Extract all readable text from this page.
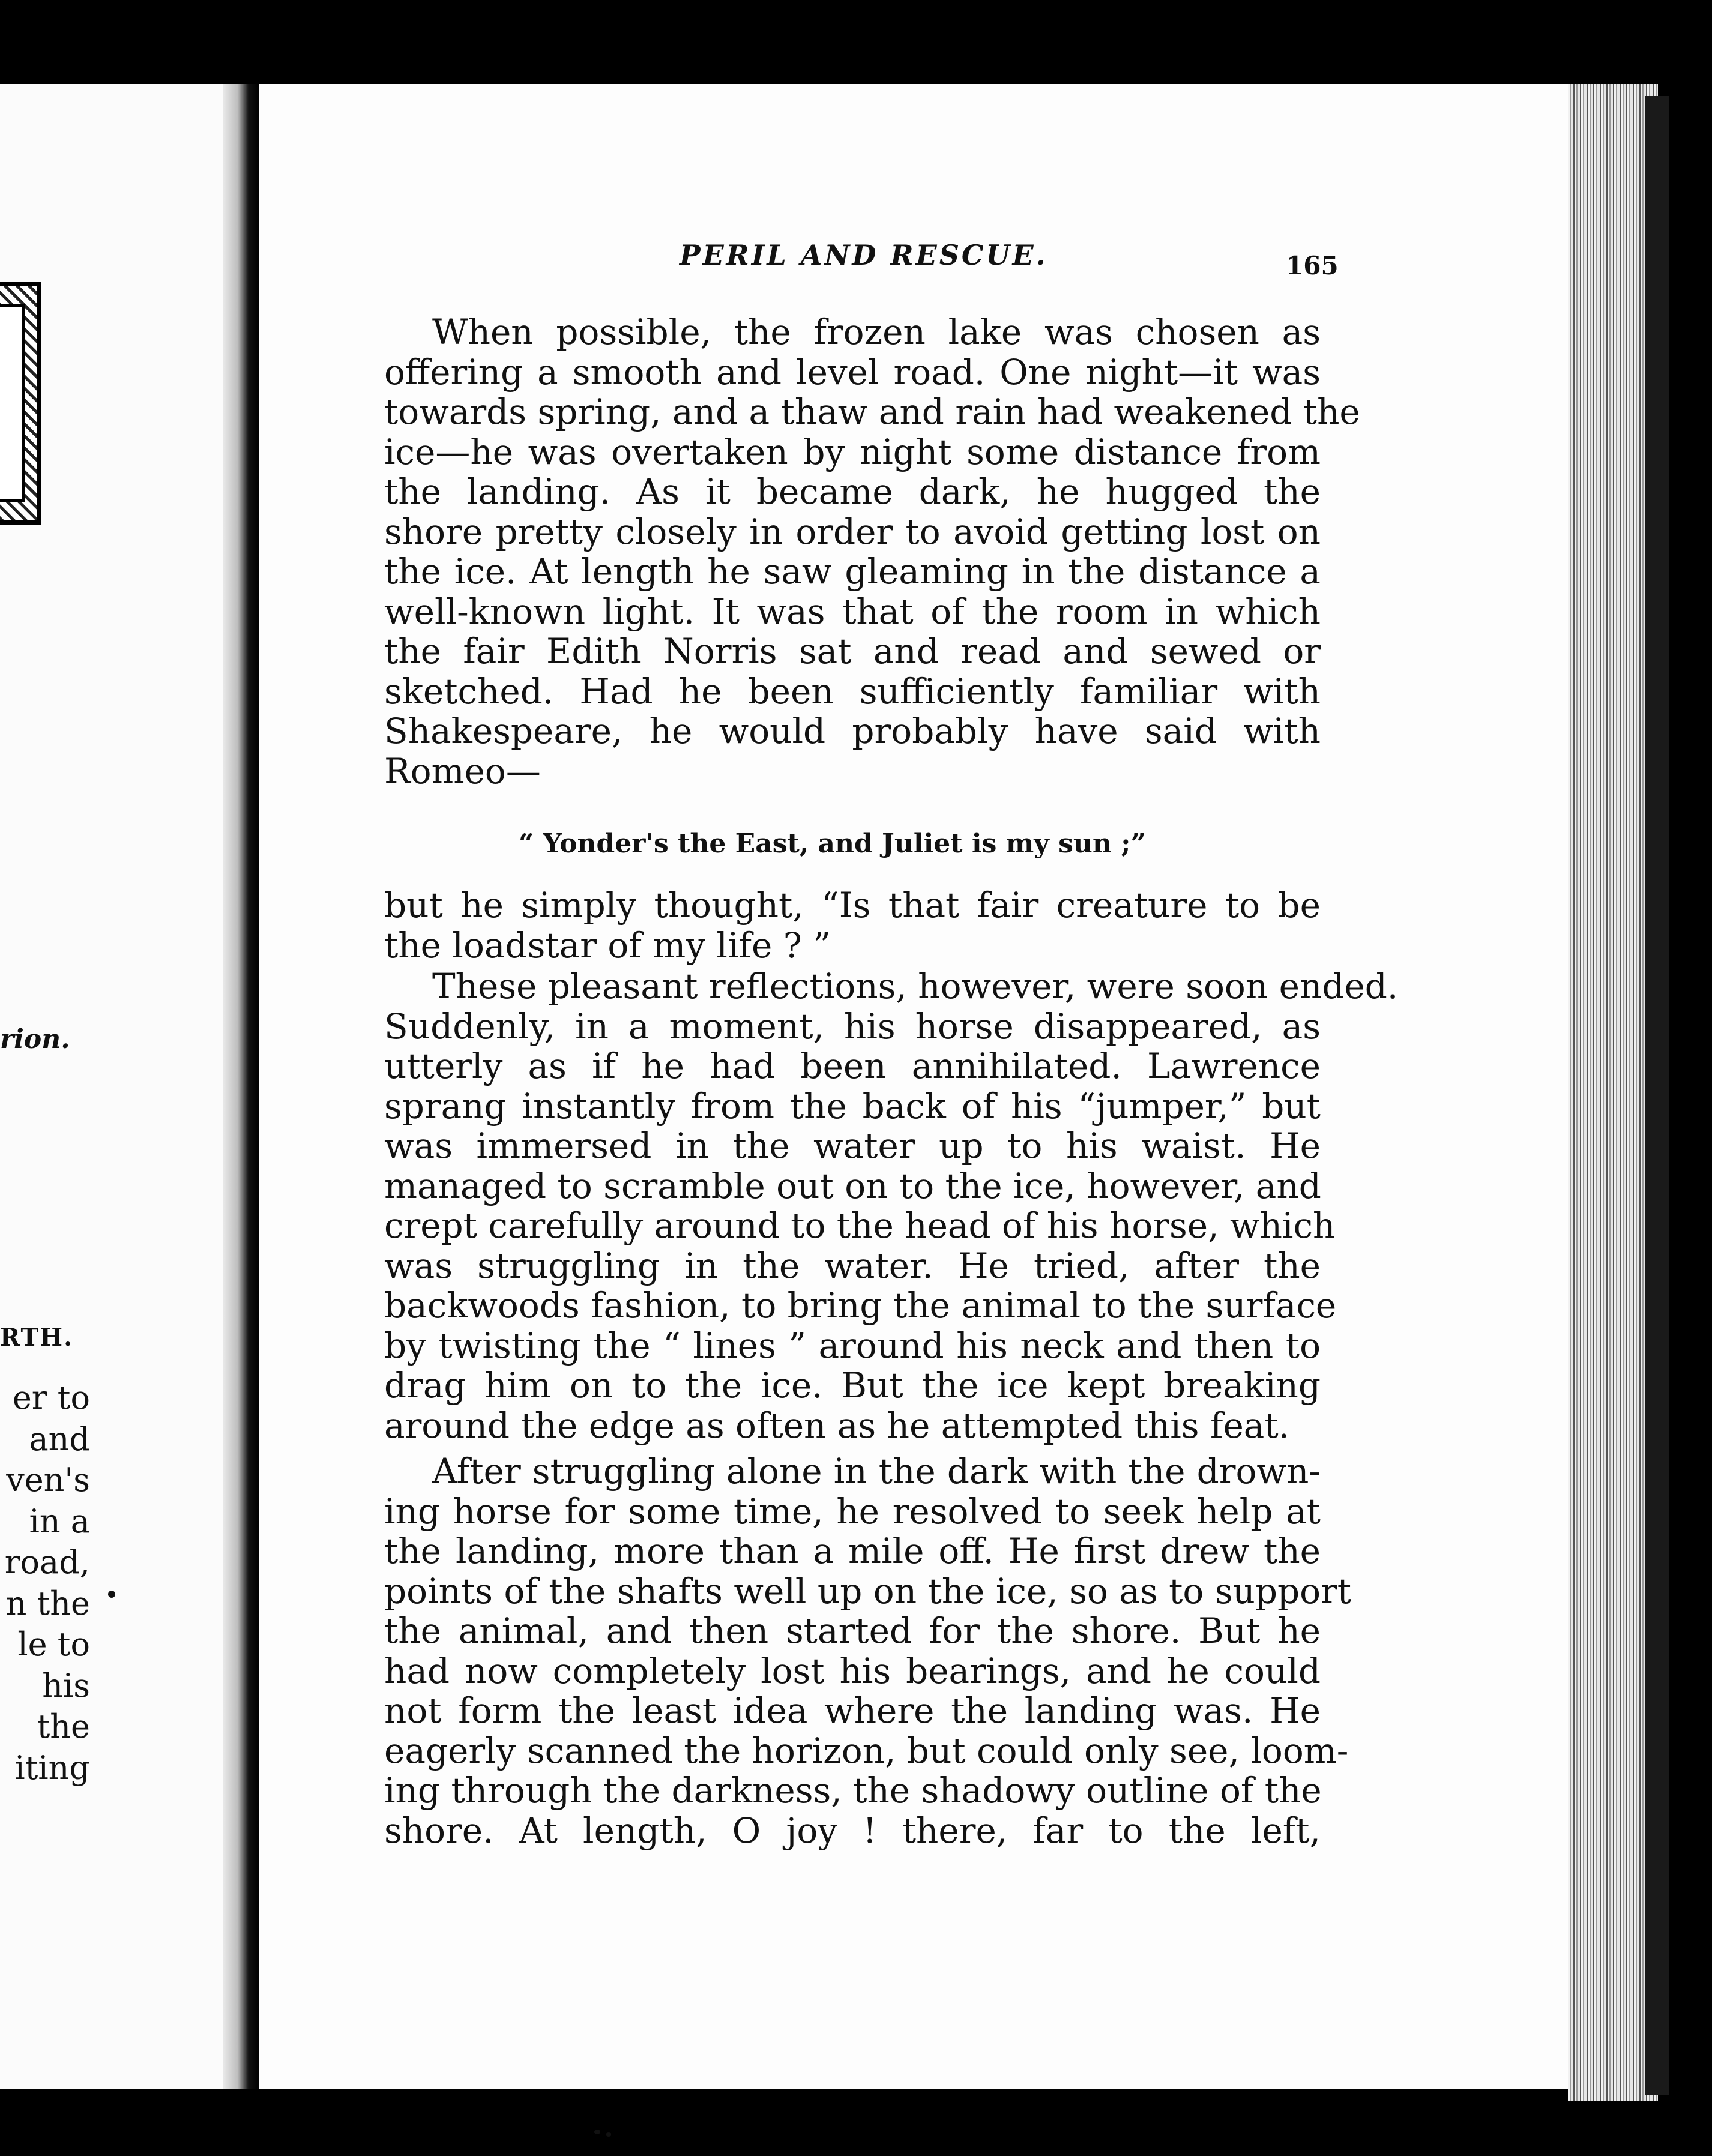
rion.
RTH.
er to
and
ven's
in a
road,
n the
le to
his
the
iting
PERIL AND RESCUE.	165
When possible, the frozen lake was chosen as
offering a smooth and level road. One night—it was
towards spring, and a thaw and rain had weakened the
ice—he was overtaken by night some distance from
the landing. As it became dark, he hugged the
shore pretty closely in order to avoid getting lost on
the ice. At length he saw gleaming in the distance a
well-known light. It was that of the room in which
the fair Edith Norris sat and read and sewed or
sketched. Had he been sufficiently familiar with
Shakespeare, he would probably have said with
Romeo—
“ Yonder's the East, and Juliet is my sun ;”
but he simply thought, “Is that fair creature to be
the loadstar of my life ? ”
These pleasant reflections, however, were soon ended.
Suddenly, in a moment, his horse disappeared, as
utterly as if he had been annihilated. Lawrence
sprang instantly from the back of his “jumper,” but
was immersed in the water up to his waist. He
managed to scramble out on to the ice, however, and
crept carefully around to the head of his horse, which
was struggling in the water. He tried, after the
backwoods fashion, to bring the animal to the surface
by twisting the “ lines ” around his neck and then to
drag him on to the ice. But the ice kept breaking
around the edge as often as he attempted this feat.
After struggling alone in the dark with the drown-
ing horse for some time, he resolved to seek help at
the landing, more than a mile off. He first drew the
points of the shafts well up on the ice, so as to support
the animal, and then started for the shore. But he
had now completely lost his bearings, and he could
not form the least idea where the landing was. He
eagerly scanned the horizon, but could only see, loom-
ing through the darkness, the shadowy outline of the
shore. At length, O joy ! there, far to the left,
